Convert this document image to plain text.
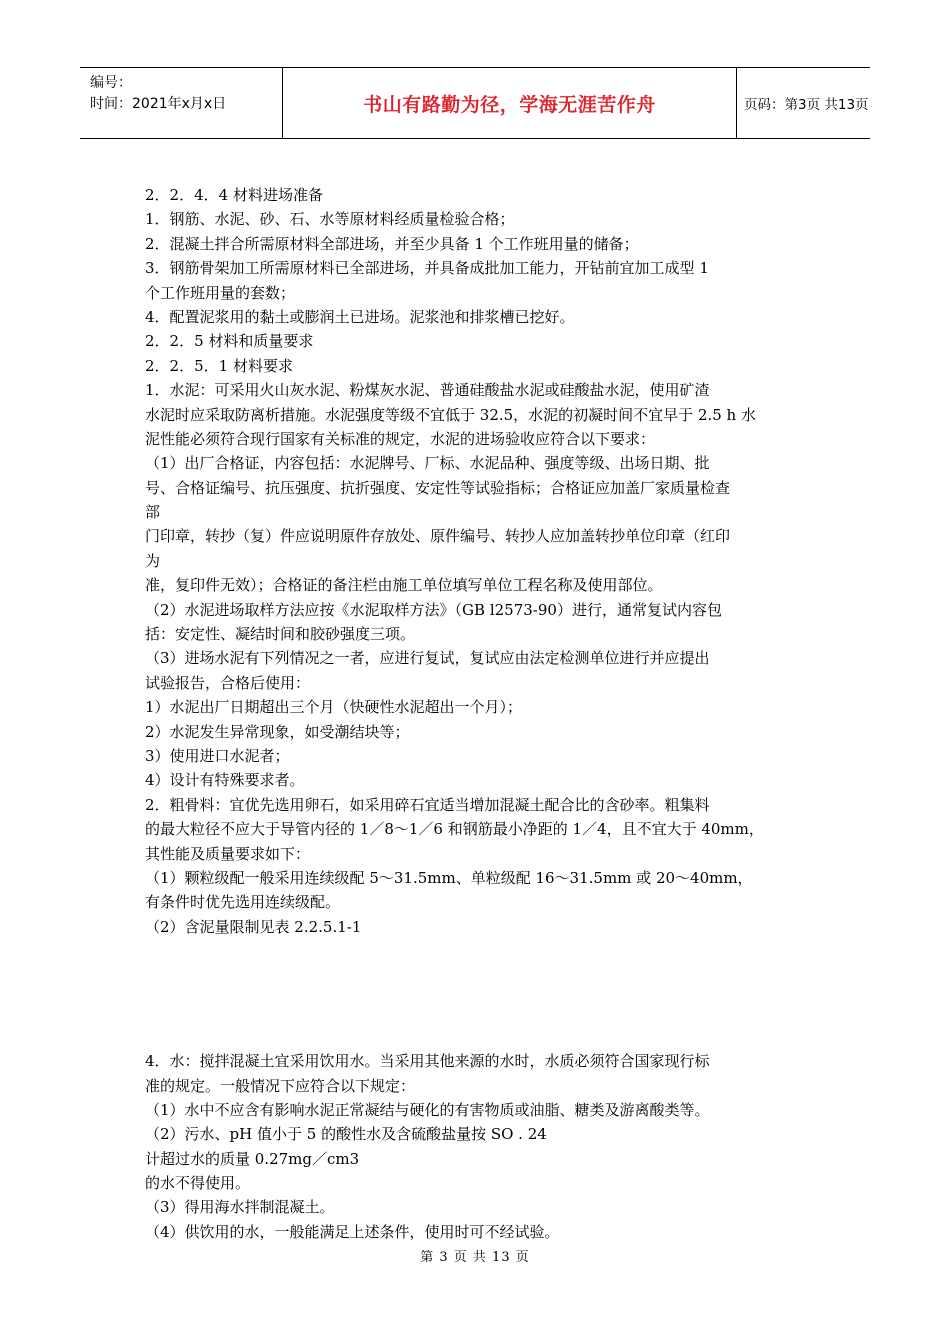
编号：
时间：2021年x月x日	书山有路勤为径，学海无涯苦作舟	页码：第3页 共13页

2．2．4．4 材料进场准备

1．钢筋、水泥、砂、石、水等原材料经质量检验合格；

2．混凝土拌合所需原材料全部进场，并至少具备 1 个工作班用量的储备；

3．钢筋骨架加工所需原材料已全部进场，并具备成批加工能力，开钻前宜加工成型 1

个工作班用量的套数；

4．配置泥浆用的黏土或膨润土已进场。泥浆池和排浆槽已挖好。

2．2．5 材料和质量要求

2．2．5．1 材料要求

1．水泥：可采用火山灰水泥、粉煤灰水泥、普通硅酸盐水泥或硅酸盐水泥，使用矿渣

水泥时应采取防离析措施。水泥强度等级不宜低于 32.5，水泥的初凝时间不宜早于 2.5 h 水

泥性能必须符合现行国家有关标准的规定，水泥的进场验收应符合以下要求：

（1）出厂合格证，内容包括：水泥牌号、厂标、水泥品种、强度等级、出场日期、批

号、合格证编号、抗压强度、抗折强度、安定性等试验指标；合格证应加盖厂家质量检查

部

门印章，转抄（复）件应说明原件存放处、原件编号、转抄人应加盖转抄单位印章（红印

为

准，复印件无效）；合格证的备注栏由施工单位填写单位工程名称及使用部位。

（2）水泥进场取样方法应按《水泥取样方法》（GB l2573-90）进行，通常复试内容包

括：安定性、凝结时间和胶砂强度三项。

（3）进场水泥有下列情况之一者，应进行复试，复试应由法定检测单位进行并应提出

试验报告，合格后使用：

1）水泥出厂日期超出三个月（快硬性水泥超出一个月）；

2）水泥发生异常现象，如受潮结块等；

3）使用进口水泥者；

4）设计有特殊要求者。

2．粗骨料：宜优先选用卵石，如采用碎石宜适当增加混凝土配合比的含砂率。粗集料

的最大粒径不应大于导管内径的 1／8～1／6 和钢筋最小净距的 1／4，且不宜大于 40mm，

其性能及质量要求如下：

（1）颗粒级配一般采用连续级配 5～31.5mm、单粒级配 16～31.5mm 或 20～40mm，

有条件时优先选用连续级配。

（2）含泥量限制见表 2.2.5.1-1

4．水：搅拌混凝土宜采用饮用水。当采用其他来源的水时，水质必须符合国家现行标

准的规定。一般情况下应符合以下规定：

（1）水中不应含有影响水泥正常凝结与硬化的有害物质或油脂、糖类及游离酸类等。

（2）污水、pH 值小于 5 的酸性水及含硫酸盐量按 SO . 24

计超过水的质量 0.27mg／cm3

的水不得使用。

（3）得用海水拌制混凝土。

（4）供饮用的水，一般能满足上述条件，使用时可不经试验。

第 3 页 共 13 页
